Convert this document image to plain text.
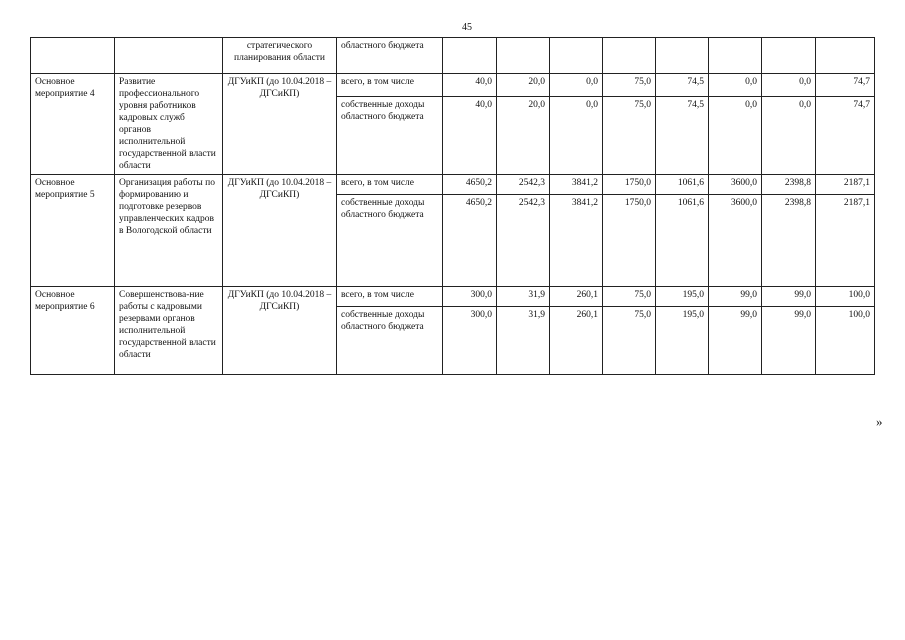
45
		стратегического планирования области	областного бюджета								
Основное мероприятие 4	Развитие профессионального уровня работников кадровых служб органов исполнительной государственной власти области	ДГУиКП (до 10.04.2018 – ДГСиКП)	всего, в том числе	40,0	20,0	0,0	75,0	74,5	0,0	0,0	74,7
			собственные доходы областного бюджета	40,0	20,0	0,0	75,0	74,5	0,0	0,0	74,7
Основное мероприятие 5	Организация работы по формированию и подготовке резервов управленческих кадров в Вологодской области	ДГУиКП (до 10.04.2018 – ДГСиКП)	всего, в том числе	4650,2	2542,3	3841,2	1750,0	1061,6	3600,0	2398,8	2187,1
			собственные доходы областного бюджета	4650,2	2542,3	3841,2	1750,0	1061,6	3600,0	2398,8	2187,1
Основное мероприятие 6	Совершенствова-ние работы с кадровыми резервами органов исполнительной государственной власти области	ДГУиКП (до 10.04.2018 – ДГСиКП)	всего, в том числе	300,0	31,9	260,1	75,0	195,0	99,0	99,0	100,0
			собственные доходы областного бюджета	300,0	31,9	260,1	75,0	195,0	99,0	99,0	100,0
»
